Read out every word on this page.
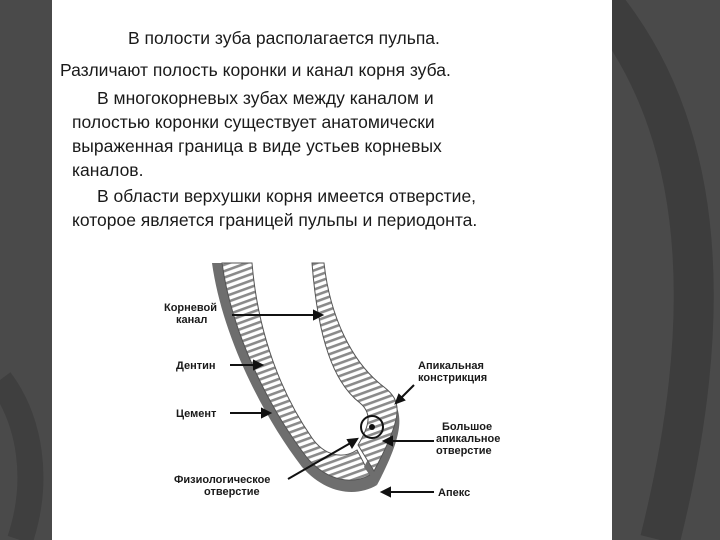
В полости зуба располагается пульпа.

Различают полость коронки и канал корня зуба.

В многокорневых зубах между каналом и

полостью коронки существует анатомически

выраженная граница в виде устьев корневых

каналов.

В области верхушки корня имеется отверстие,

которое является границей пульпы и периодонта.

Корневой
канал
Дентин
Цемент
Физиологическое
отверстие
Апикальная
констрикция
Большое
апикальное
отверстие
Апекс
